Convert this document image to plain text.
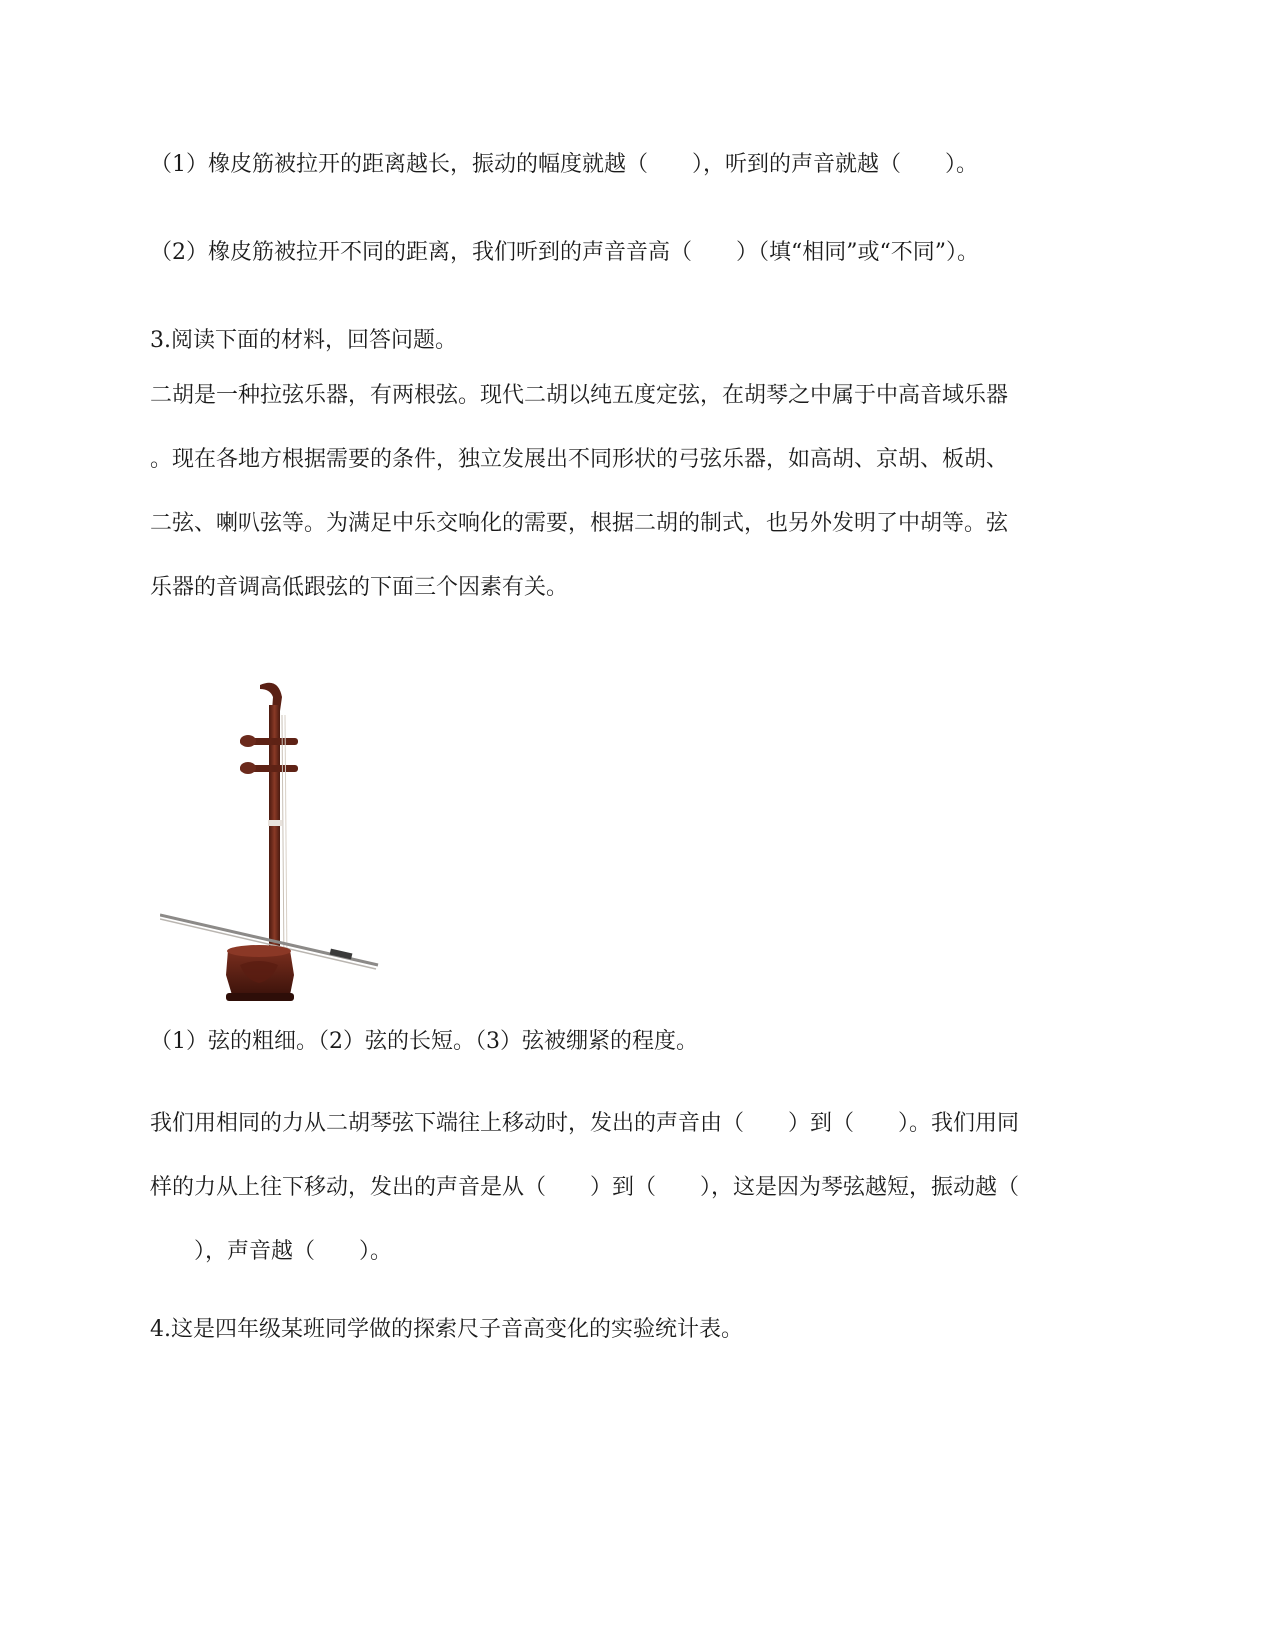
（1）橡皮筋被拉开的距离越长，振动的幅度就越（　　），听到的声音就越（　　）。
（2）橡皮筋被拉开不同的距离，我们听到的声音音高（　　）（填“相同”或“不同”）。
3.阅读下面的材料，回答问题。
二胡是一种拉弦乐器，有两根弦。现代二胡以纯五度定弦，在胡琴之中属于中高音域乐器
。现在各地方根据需要的条件，独立发展出不同形状的弓弦乐器，如高胡、京胡、板胡、
二弦、喇叭弦等。为满足中乐交响化的需要，根据二胡的制式，也另外发明了中胡等。弦
乐器的音调高低跟弦的下面三个因素有关。
（1）弦的粗细。（2）弦的长短。（3）弦被绷紧的程度。
我们用相同的力从二胡琴弦下端往上移动时，发出的声音由（　　）到（　　）。我们用同
样的力从上往下移动，发出的声音是从（　　）到（　　），这是因为琴弦越短，振动越（
　　），声音越（　　）。
4.这是四年级某班同学做的探索尺子音高变化的实验统计表。
